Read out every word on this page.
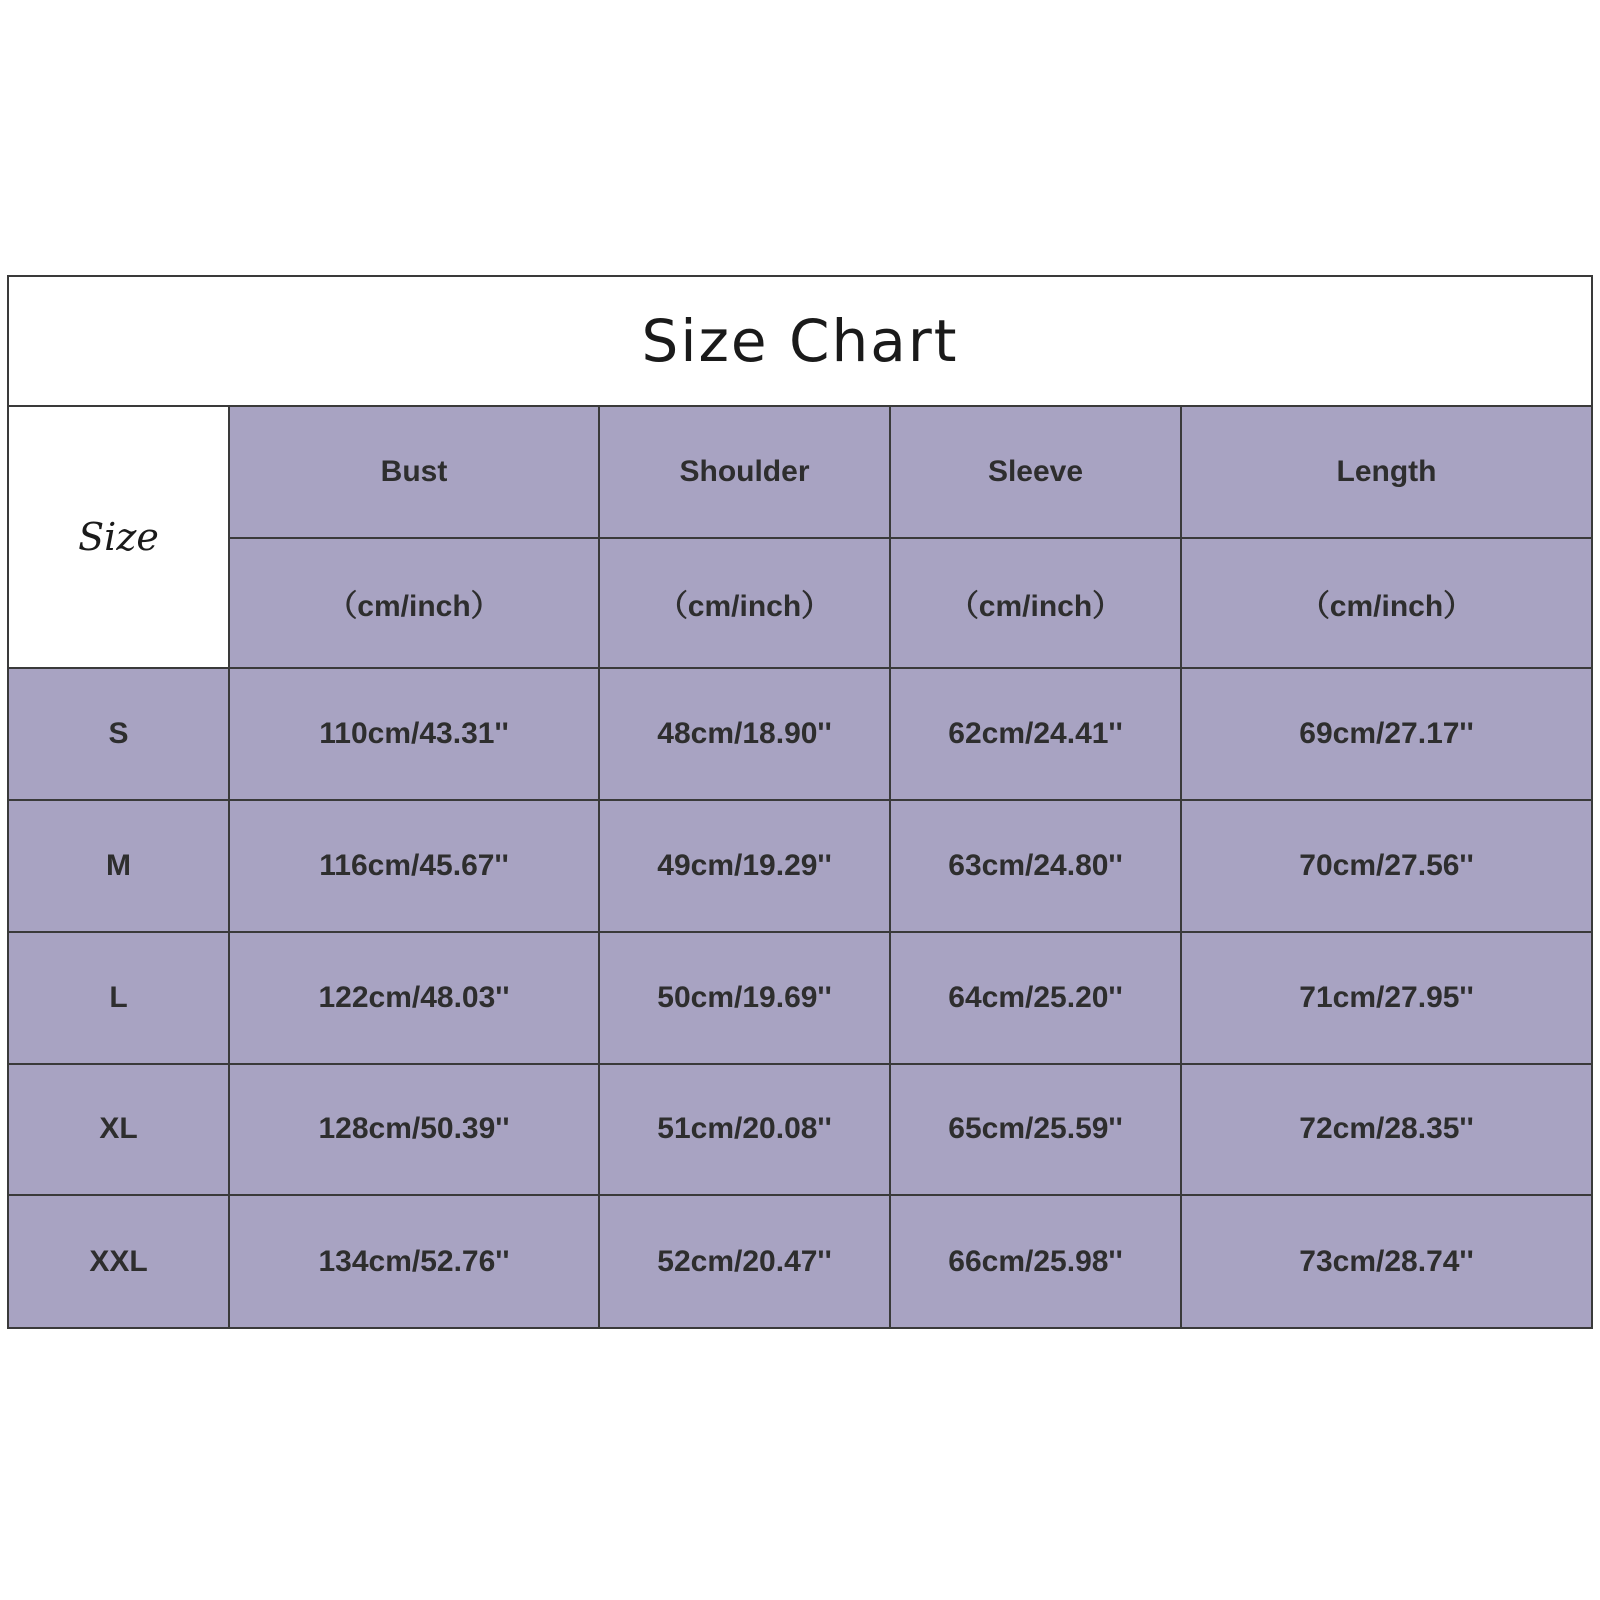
Size Chart
Size	Bust	Shoulder	Sleeve	Length
	（cm/inch）	（cm/inch）	（cm/inch）	（cm/inch）
S	110cm/43.31''	48cm/18.90''	62cm/24.41''	69cm/27.17''
M	116cm/45.67''	49cm/19.29''	63cm/24.80''	70cm/27.56''
L	122cm/48.03''	50cm/19.69''	64cm/25.20''	71cm/27.95''
XL	128cm/50.39''	51cm/20.08''	65cm/25.59''	72cm/28.35''
XXL	134cm/52.76''	52cm/20.47''	66cm/25.98''	73cm/28.74''
